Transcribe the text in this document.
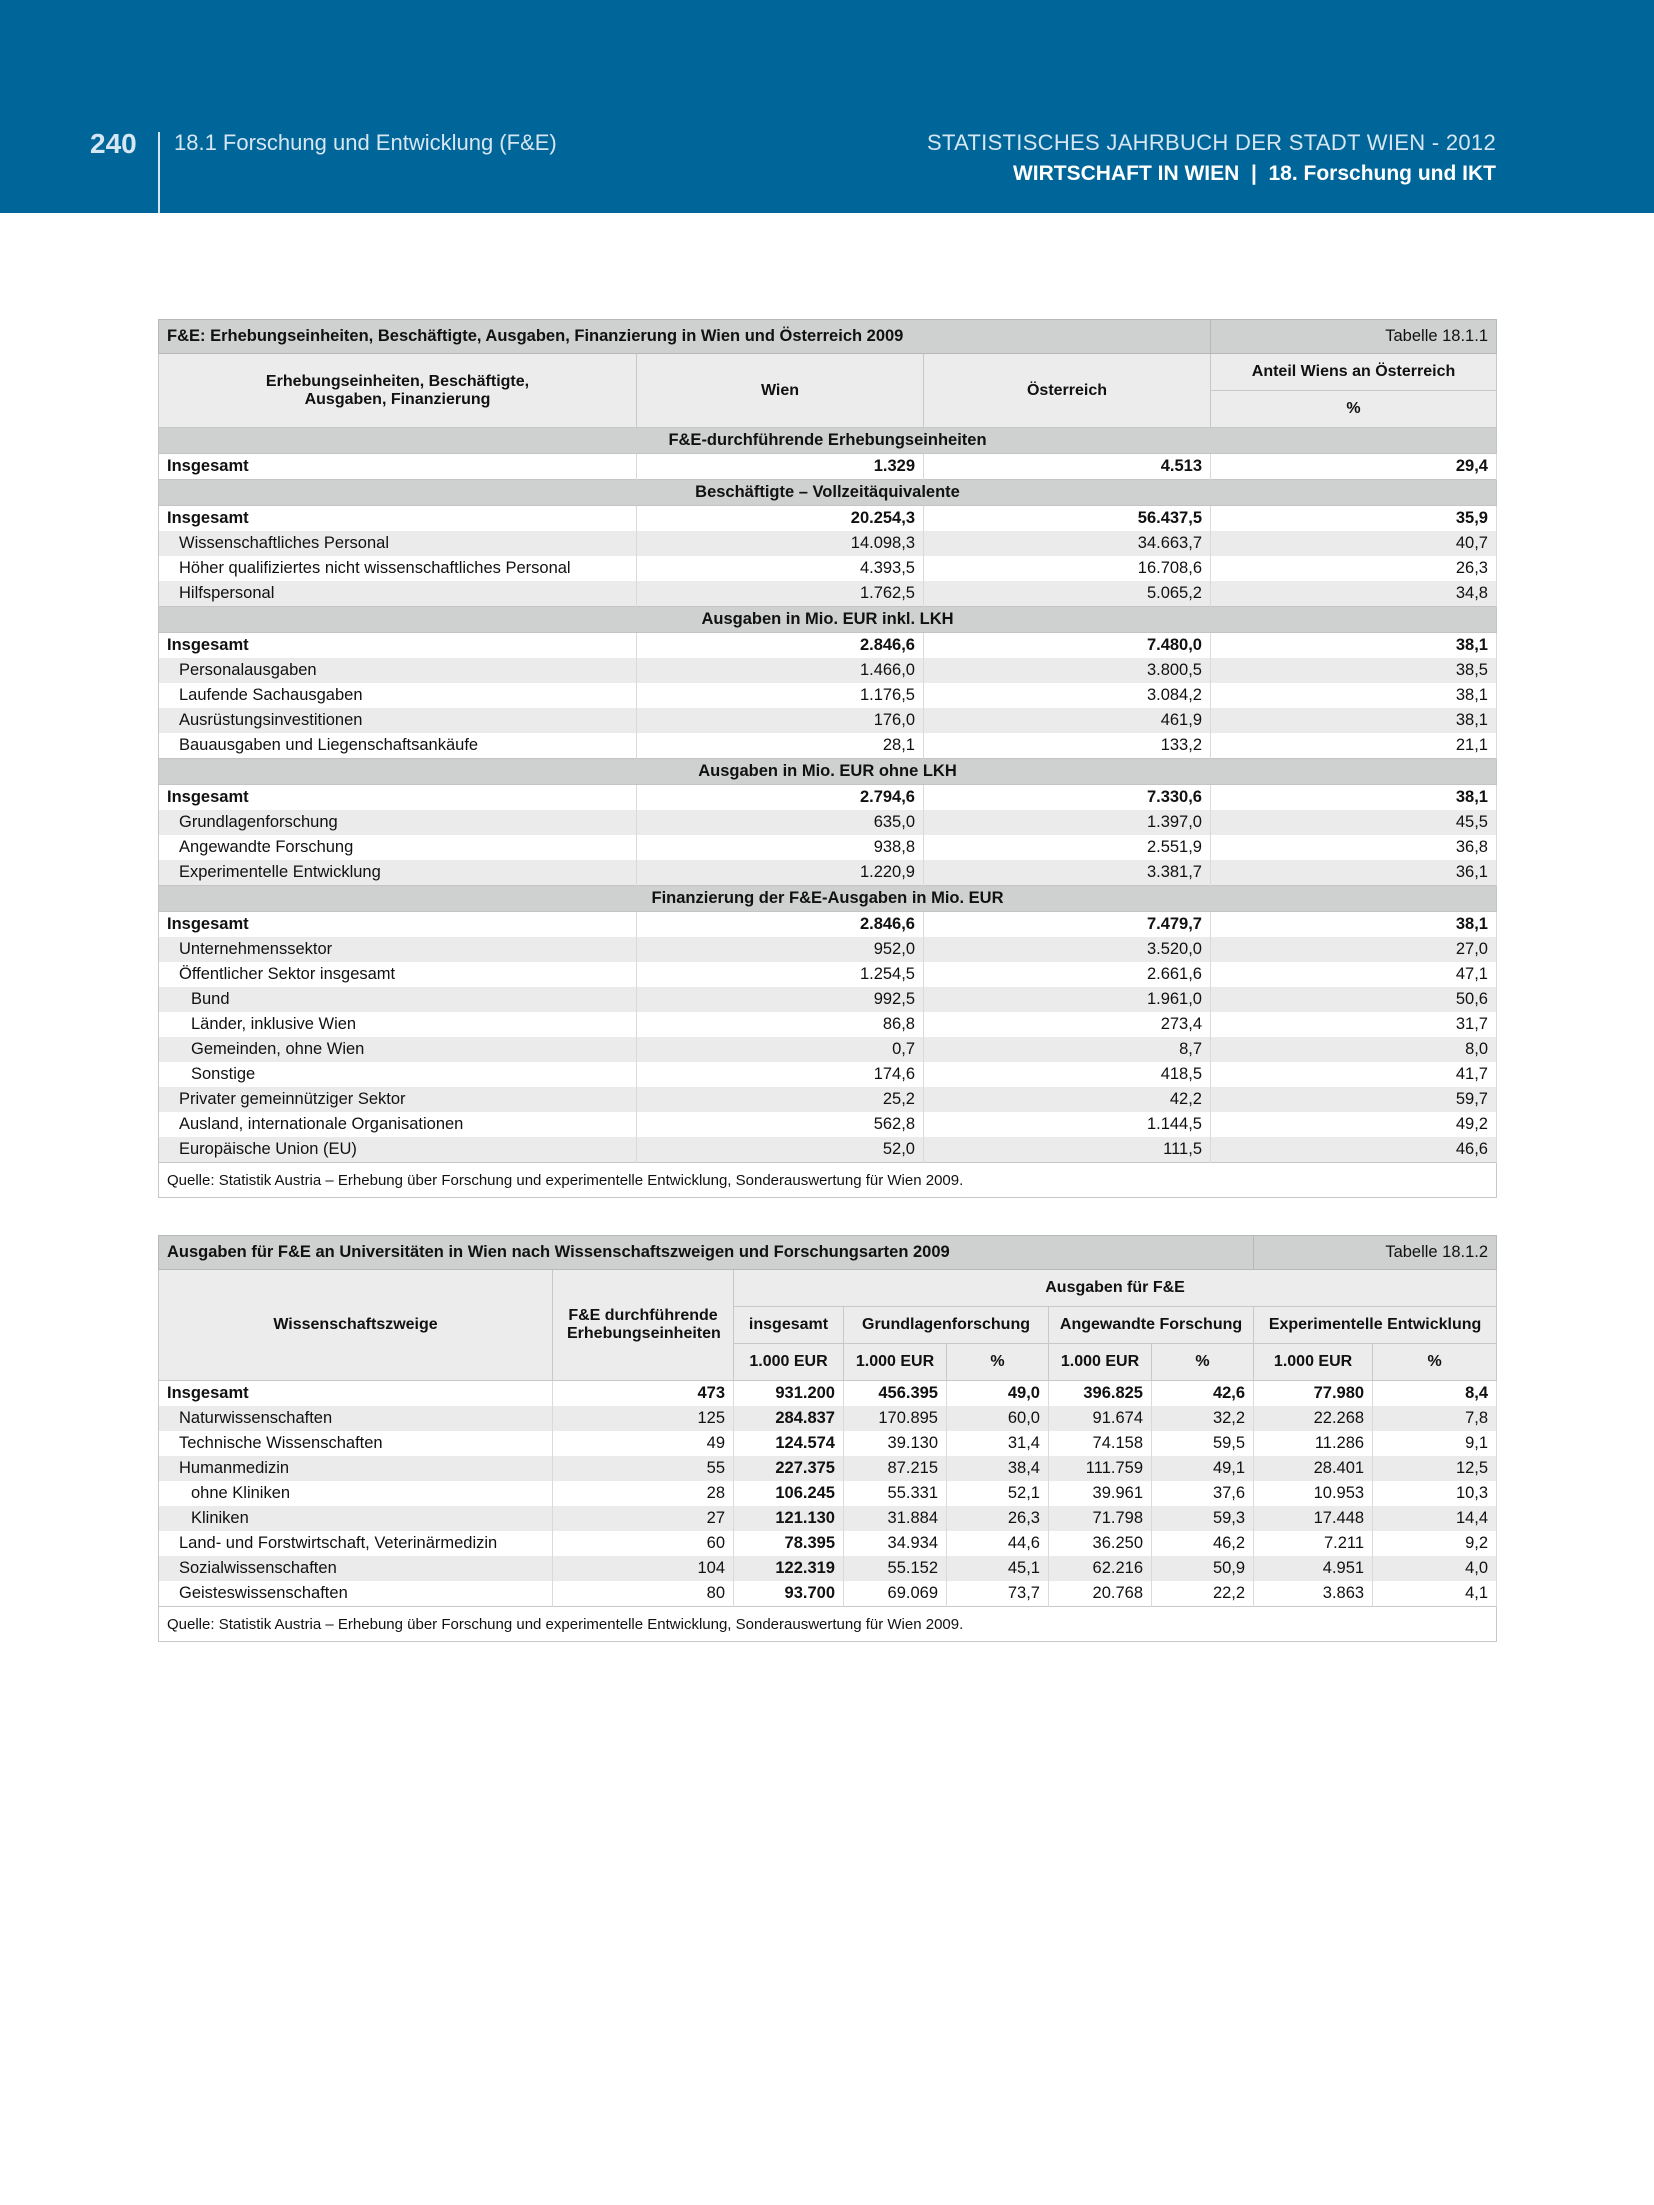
240 18.1 Forschung und Entwicklung (F&E)	STATISTISCHES JAHRBUCH DER STADT WIEN - 2012
WIRTSCHAFT IN WIEN  |  18. Forschung und IKT
F&E: Erhebungseinheiten, Beschäftigte, Ausgaben, Finanzierung in Wien und Österreich 2009			Tabelle 18.1.1
Erhebungseinheiten, Beschäftigte, Ausgaben, Finanzierung	Wien	Österreich	Anteil Wiens an Österreich
			%
F&E-durchführende Erhebungseinheiten			
Insgesamt	1.329	4.513	29,4
Beschäftigte – Vollzeitäquivalente			
Insgesamt	20.254,3	56.437,5	35,9
Wissenschaftliches Personal	14.098,3	34.663,7	40,7
Höher qualifiziertes nicht wissenschaftliches Personal	4.393,5	16.708,6	26,3
Hilfspersonal	1.762,5	5.065,2	34,8
Ausgaben in Mio. EUR inkl. LKH			
Insgesamt	2.846,6	7.480,0	38,1
Personalausgaben	1.466,0	3.800,5	38,5
Laufende Sachausgaben	1.176,5	3.084,2	38,1
Ausrüstungsinvestitionen	176,0	461,9	38,1
Bauausgaben und Liegenschaftsankäufe	28,1	133,2	21,1
Ausgaben in Mio. EUR ohne LKH			
Insgesamt	2.794,6	7.330,6	38,1
Grundlagenforschung	635,0	1.397,0	45,5
Angewandte Forschung	938,8	2.551,9	36,8
Experimentelle Entwicklung	1.220,9	3.381,7	36,1
Finanzierung der F&E-Ausgaben in Mio. EUR			
Insgesamt	2.846,6	7.479,7	38,1
Unternehmenssektor	952,0	3.520,0	27,0
Öffentlicher Sektor insgesamt	1.254,5	2.661,6	47,1
Bund	992,5	1.961,0	50,6
Länder, inklusive Wien	86,8	273,4	31,7
Gemeinden, ohne Wien	0,7	8,7	8,0
Sonstige	174,6	418,5	41,7
Privater gemeinnütziger Sektor	25,2	42,2	59,7
Ausland, internationale Organisationen	562,8	1.144,5	49,2
Europäische Union (EU)	52,0	111,5	46,6
Quelle: Statistik Austria – Erhebung über Forschung und experimentelle Entwicklung, Sonderauswertung für Wien 2009.			
Ausgaben für F&E an Universitäten in Wien nach Wissenschaftszweigen und Forschungsarten 2009							Tabelle 18.1.2	
Wissenschaftszweige	F&E durchführende Erhebungseinheiten	Ausgaben für F&E						
		insgesamt	Grundlagenforschung		Angewandte Forschung		Experimentelle Entwicklung	
		1.000 EUR	1.000 EUR	%	1.000 EUR	%	1.000 EUR	%
Insgesamt	473	931.200	456.395	49,0	396.825	42,6	77.980	8,4
Naturwissenschaften	125	284.837	170.895	60,0	91.674	32,2	22.268	7,8
Technische Wissenschaften	49	124.574	39.130	31,4	74.158	59,5	11.286	9,1
Humanmedizin	55	227.375	87.215	38,4	111.759	49,1	28.401	12,5
ohne Kliniken	28	106.245	55.331	52,1	39.961	37,6	10.953	10,3
Kliniken	27	121.130	31.884	26,3	71.798	59,3	17.448	14,4
Land- und Forstwirtschaft, Veterinärmedizin	60	78.395	34.934	44,6	36.250	46,2	7.211	9,2
Sozialwissenschaften	104	122.319	55.152	45,1	62.216	50,9	4.951	4,0
Geisteswissenschaften	80	93.700	69.069	73,7	20.768	22,2	3.863	4,1
Quelle: Statistik Austria – Erhebung über Forschung und experimentelle Entwicklung, Sonderauswertung für Wien 2009.								
